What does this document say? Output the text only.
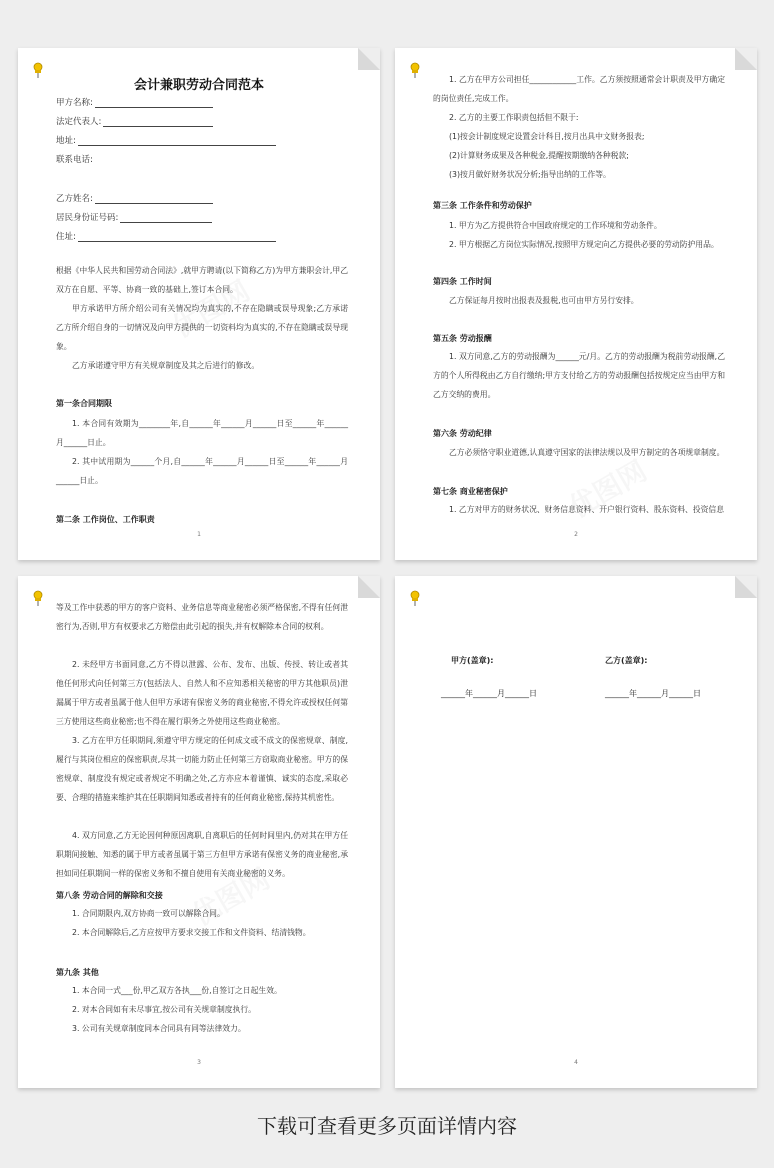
会计兼职劳动合同范本
甲方名称:
法定代表人:
地址:
联系电话:
乙方姓名:
居民身份证号码:
住址:

根据《中华人民共和国劳动合同法》,就甲方聘请(以下简称乙方)为甲方兼职会计,甲乙双方在自愿、平等、协商一致的基础上,签订本合同。

甲方承诺甲方所介绍公司有关情况均为真实的,不存在隐瞒或误导现象;乙方承诺乙方所介绍自身的一切情况及向甲方提供的一切资料均为真实的,不存在隐瞒或误导现象。

乙方承诺遵守甲方有关规章制度及其之后进行的修改。

第一条合同期限

1. 本合同有效期为________年,自______年______月______日至______年______月______日止。

2. 其中试用期为______个月,自______年______月______日至______年______月______日止。

第二条 工作岗位、工作职责
1

1. 乙方在甲方公司担任____________工作。乙方须按照通常会计职责及甲方确定的岗位责任,完成工作。

2. 乙方的主要工作职责包括但不限于:

(1)按会计制度规定设置会计科目,按月出具中文财务报表;

(2)计算财务成果及各种税金,提醒按期缴纳各种税款;

(3)按月做好财务状况分析;指导出纳的工作等。

第三条 工作条件和劳动保护

1. 甲方为乙方提供符合中国政府规定的工作环境和劳动条件。

2. 甲方根据乙方岗位实际情况,按照甲方规定向乙方提供必要的劳动防护用品。

第四条 工作时间

乙方保证每月按时出报表及报税,也可由甲方另行安排。

第五条 劳动报酬

1. 双方同意,乙方的劳动报酬为______元/月。乙方的劳动报酬为税前劳动报酬,乙方的个人所得税由乙方自行缴纳;甲方支付给乙方的劳动报酬包括按规定应当由甲方和乙方交纳的费用。

第六条 劳动纪律

乙方必须恪守职业道德,认真遵守国家的法律法规以及甲方制定的各项规章制度。

第七条 商业秘密保护

1. 乙方对甲方的财务状况、财务信息资料、开户银行资料、股东资料、投资信息

2

等及工作中获悉的甲方的客户资料、业务信息等商业秘密必须严格保密,不得有任何泄密行为,否则,甲方有权要求乙方赔偿由此引起的损失,并有权解除本合同的权利。

2. 未经甲方书面同意,乙方不得以泄露、公布、发布、出版、传授、转让或者其他任何形式向任何第三方(包括法人、自然人和不应知悉相关秘密的甲方其他职员)泄漏属于甲方或者虽属于他人但甲方承诺有保密义务的商业秘密,不得允许或授权任何第三方使用这些商业秘密;也不得在履行职务之外使用这些商业秘密。

3. 乙方在甲方任职期间,须遵守甲方规定的任何成文或不成文的保密规章、制度,履行与其岗位相应的保密职责,尽其一切能力防止任何第三方窃取商业秘密。甲方的保密规章、制度没有规定或者规定不明确之处,乙方亦应本着谨慎、诚实的态度,采取必要、合理的措施来维护其在任职期间知悉或者持有的任何商业秘密,保持其机密性。

4. 双方同意,乙方无论因何种原因离职,自离职后的任何时间里内,仍对其在甲方任职期间接触、知悉的属于甲方或者虽属于第三方但甲方承诺有保密义务的商业秘密,承担如同任职期间一样的保密义务和不擅自使用有关商业秘密的义务。

第八条 劳动合同的解除和交接

1. 合同期限内,双方协商一致可以解除合同。

2. 本合同解除后,乙方应按甲方要求交接工作和文件资料、结清钱物。

第九条 其他

1. 本合同一式___份,甲乙双方各执___份,自签订之日起生效。

2. 对本合同如有未尽事宜,按公司有关规章制度执行。

3. 公司有关规章制度同本合同具有同等法律效力。

3
甲方(盖章):	乙方(盖章):
______年______月______日	______年______月______日
4
下载可查看更多页面详情内容
